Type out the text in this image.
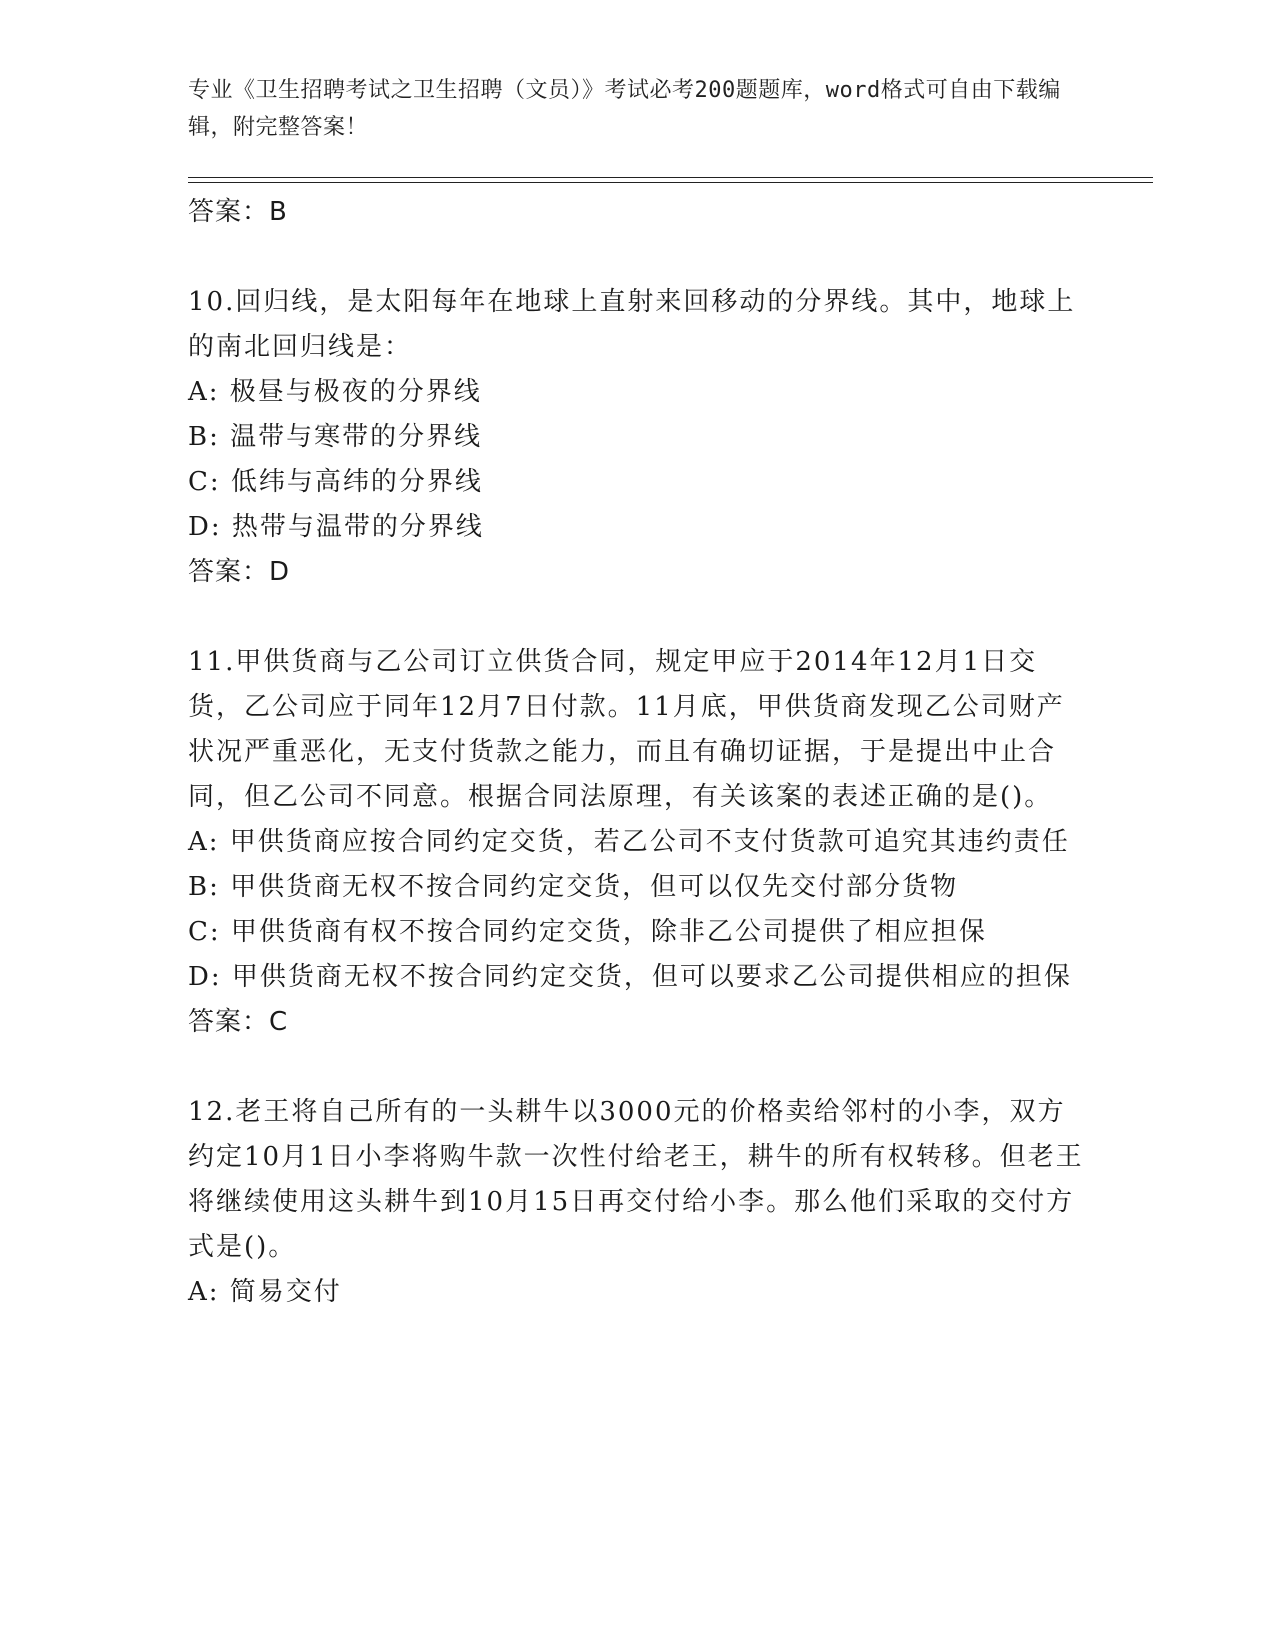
专业《卫生招聘考试之卫生招聘（文员）》考试必考200题题库，word格式可自由下载编辑，附完整答案！
答案：B
10.回归线，是太阳每年在地球上直射来回移动的分界线。其中，地球上的南北回归线是：
A: 极昼与极夜的分界线
B: 温带与寒带的分界线
C: 低纬与高纬的分界线
D: 热带与温带的分界线
答案：D
11.甲供货商与乙公司订立供货合同，规定甲应于2014年12月1日交货，乙公司应于同年12月7日付款。11月底，甲供货商发现乙公司财产状况严重恶化，无支付货款之能力，而且有确切证据，于是提出中止合同，但乙公司不同意。根据合同法原理，有关该案的表述正确的是()。
A: 甲供货商应按合同约定交货，若乙公司不支付货款可追究其违约责任
B: 甲供货商无权不按合同约定交货，但可以仅先交付部分货物
C: 甲供货商有权不按合同约定交货，除非乙公司提供了相应担保
D: 甲供货商无权不按合同约定交货，但可以要求乙公司提供相应的担保
答案：C
12.老王将自己所有的一头耕牛以3000元的价格卖给邻村的小李，双方约定10月1日小李将购牛款一次性付给老王，耕牛的所有权转移。但老王将继续使用这头耕牛到10月15日再交付给小李。那么他们采取的交付方式是()。
A: 简易交付
